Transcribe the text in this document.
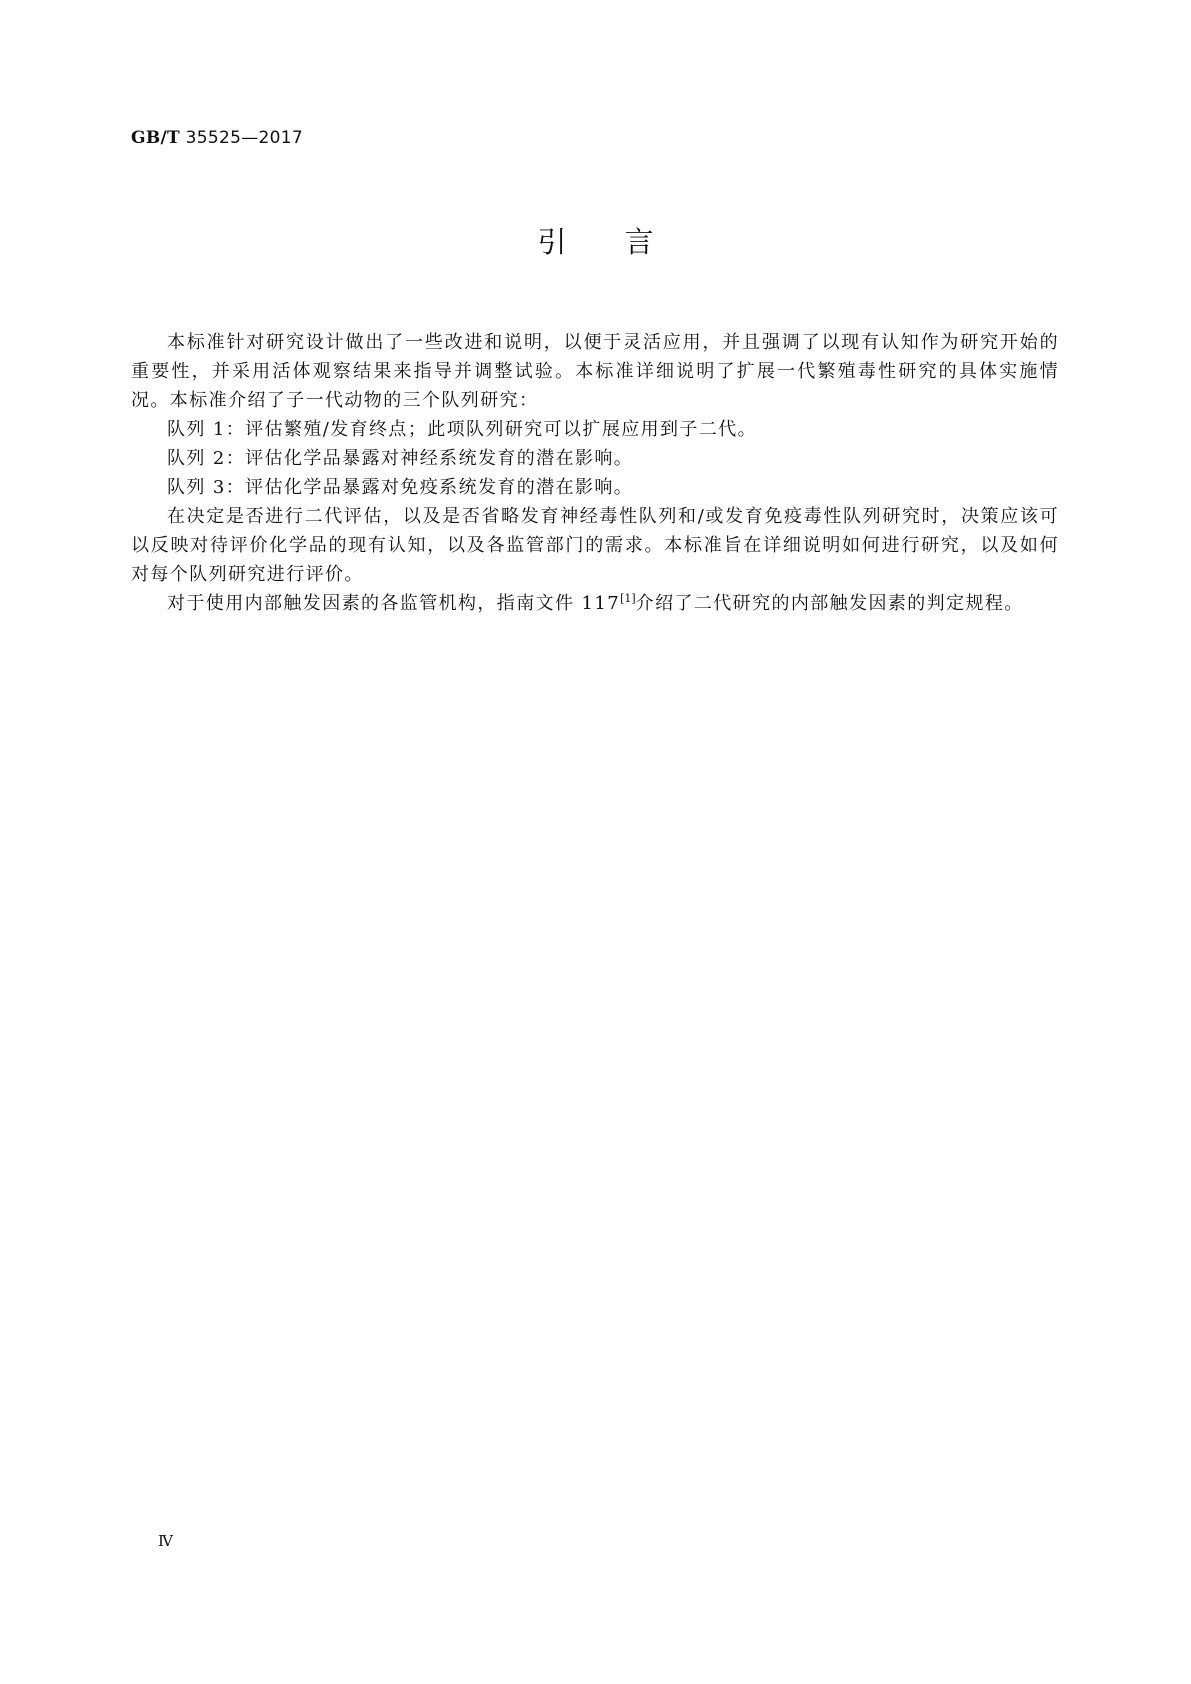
GB/T 35525—2017
引言

本标准针对研究设计做出了一些改进和说明，以便于灵活应用，并且强调了以现有认知作为研究开始的重要性，并采用活体观察结果来指导并调整试验。本标准详细说明了扩展一代繁殖毒性研究的具体实施情况。本标准介绍了子一代动物的三个队列研究：

队列 1：评估繁殖/发育终点；此项队列研究可以扩展应用到子二代。

队列 2：评估化学品暴露对神经系统发育的潜在影响。

队列 3：评估化学品暴露对免疫系统发育的潜在影响。

在决定是否进行二代评估，以及是否省略发育神经毒性队列和/或发育免疫毒性队列研究时，决策应该可以反映对待评价化学品的现有认知，以及各监管部门的需求。本标准旨在详细说明如何进行研究，以及如何对每个队列研究进行评价。

对于使用内部触发因素的各监管机构，指南文件 117[1]介绍了二代研究的内部触发因素的判定规程。

Ⅳ
